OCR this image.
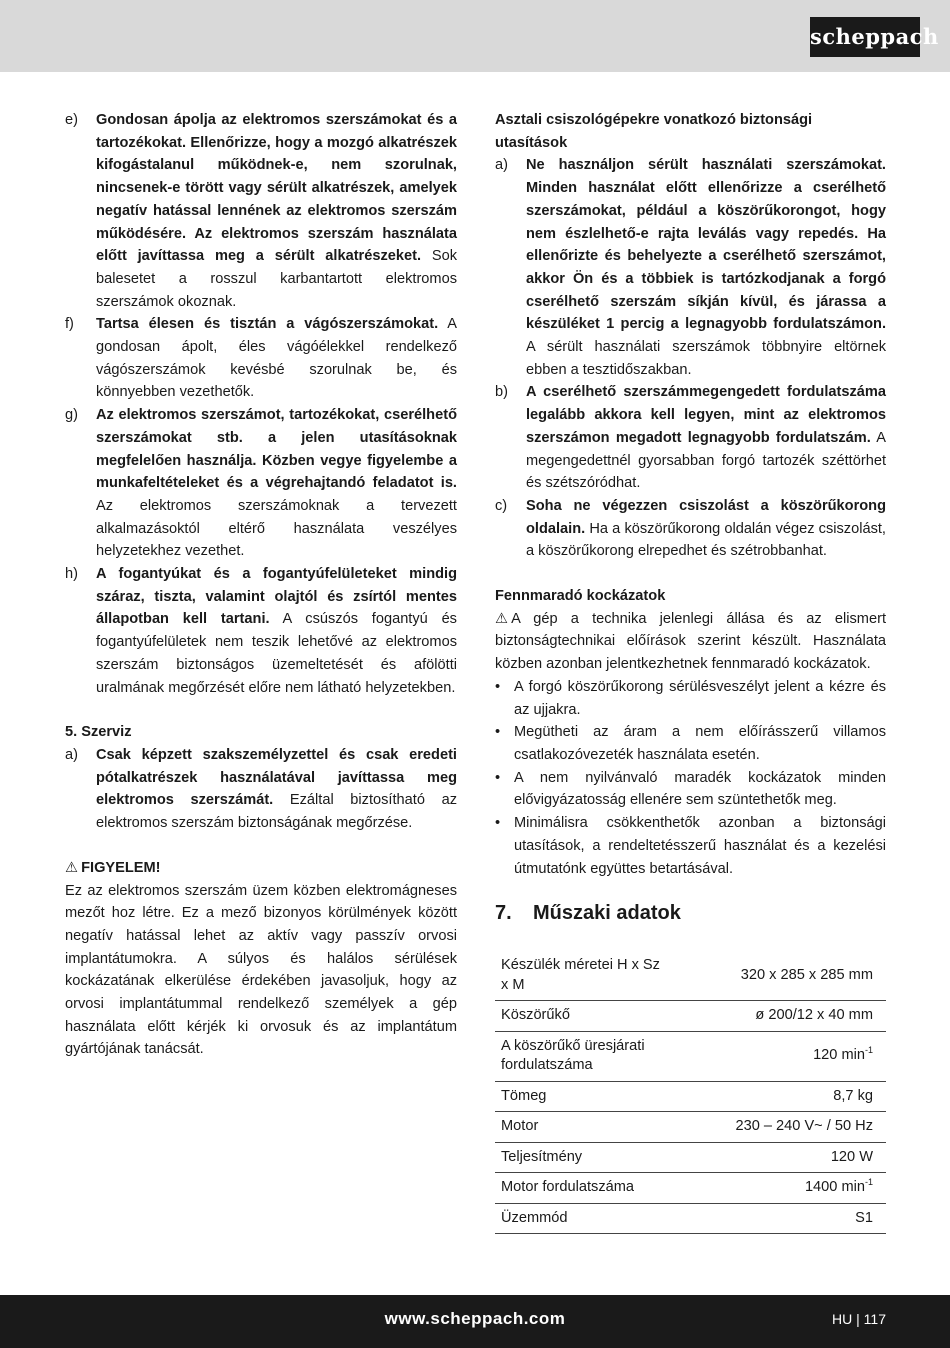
scheppach
e)	Gondosan ápolja az elektromos szerszámokat és a tartozékokat. Ellenőrizze, hogy a mozgó alkatrészek kifogástalanul működnek-e, nem szorulnak, nincsenek-e törött vagy sérült alkatrészek, amelyek negatív hatással lennének az elektromos szerszám működésére. Az elektromos szerszám használata előtt javíttassa meg a sérült alkatrészeket. Sok balesetet a rosszul karbantartott elektromos szerszámok okoznak.
f)	Tartsa élesen és tisztán a vágószerszámokat. A gondosan ápolt, éles vágóélekkel rendelkező vágószerszámok kevésbé szorulnak be, és könnyebben vezethetők.
g)	Az elektromos szerszámot, tartozékokat, cserélhető szerszámokat stb. a jelen utasításoknak megfelelően használja. Közben vegye figyelembe a munkafeltételeket és a végrehajtandó feladatot is. Az elektromos szerszámoknak a tervezett alkalmazásoktól eltérő használata veszélyes helyzetekhez vezethet.
h)	A fogantyúkat és a fogantyúfelületeket mindig száraz, tiszta, valamint olajtól és zsírtól mentes állapotban kell tartani. A csúszós fogantyú és fogantyúfelületek nem teszik lehetővé az elektromos szerszám biztonságos üzemeltetését és afölötti uralmának megőrzését előre nem látható helyzetekben.
5. Szerviz
a)	Csak képzett szakszemélyzettel és csak eredeti pótalkatrészek használatával javíttassa meg elektromos szerszámát. Ezáltal biztosítható az elektromos szerszám biztonságának megőrzése.
⚠ FIGYELEM!
Ez az elektromos szerszám üzem közben elektromágneses mezőt hoz létre. Ez a mező bizonyos körülmények között negatív hatással lehet az aktív vagy passzív orvosi implantátumokra. A súlyos és halálos sérülések kockázatának elkerülése érdekében javasoljuk, hogy az orvosi implantátummal rendelkező személyek a gép használata előtt kérjék ki orvosuk és az implantátum gyártójának tanácsát.
Asztali csiszológépekre vonatkozó biztonsági utasítások
a)	Ne használjon sérült használati szerszámokat. Minden használat előtt ellenőrizze a cserélhető szerszámokat, például a köszörűkorongot, hogy nem észlelhető-e rajta leválás vagy repedés. Ha ellenőrizte és behelyezte a cserélhető szerszámot, akkor Ön és a többiek is tartózkodjanak a forgó cserélhető szerszám síkján kívül, és járassa a készüléket 1 percig a legnagyobb fordulatszámon. A sérült használati szerszámok többnyire eltörnek ebben a tesztidőszakban.
b)	A cserélhető szerszámmegengedett fordulatszáma legalább akkora kell legyen, mint az elektromos szerszámon megadott legnagyobb fordulatszám. A megengedettnél gyorsabban forgó tartozék széttörhet és szétszóródhat.
c)	Soha ne végezzen csiszolást a köszörűkorong oldalain. Ha a köszörűkorong oldalán végez csiszolást, a köszörűkorong elrepedhet és szétrobbanhat.
Fennmaradó kockázatok
⚠ A gép a technika jelenlegi állása és az elismert biztonságtechnikai előírások szerint készült. Használata közben azonban jelentkezhetnek fennmaradó kockázatok.
• A forgó köszörűkorong sérülésveszélyt jelent a kézre és az ujjakra.
• Megütheti az áram a nem előírásszerű villamos csatlakozóvezeték használata esetén.
• A nem nyilvánvaló maradék kockázatok minden elővigyázatosság ellenére sem szüntethetők meg.
• Minimálisra csökkenthetők azonban a biztonsági utasítások, a rendeltetésszerű használat és a kezelési útmutatónk együttes betartásával.
7. Műszaki adatok
Készülék méretei H x Sz x M	320 x 285 x 285 mm
Köszörűkő	ø 200/12 x 40 mm
A köszörűkő üresjárati fordulatszáma	120 $\min^{-1}$
Tömeg	8,7 kg
Motor	230 – 240 V~ / 50 Hz
Teljesítmény	120 W
Motor fordulatszáma	1400 $\min^{-1}$
Üzemmód	S1
www.scheppach.com	HU | 117
